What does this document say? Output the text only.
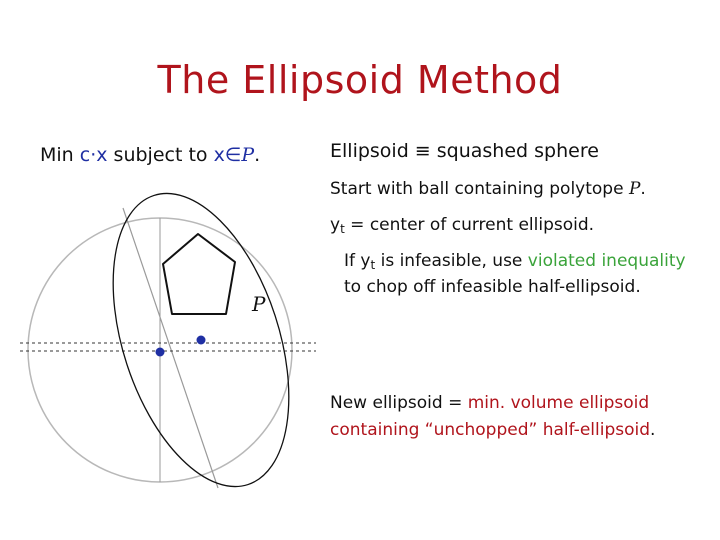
The Ellipsoid Method
Min c⋅x subject to x∈P.	Ellipsoid ≡ squashed sphere
Start with ball containing polytope P.
$y_t$ = center of current ellipsoid.
If $y_t$ is infeasible, use violated inequality
to chop off infeasible half-ellipsoid.
New ellipsoid = min. volume ellipsoid
containing “unchopped” half-ellipsoid.
P
